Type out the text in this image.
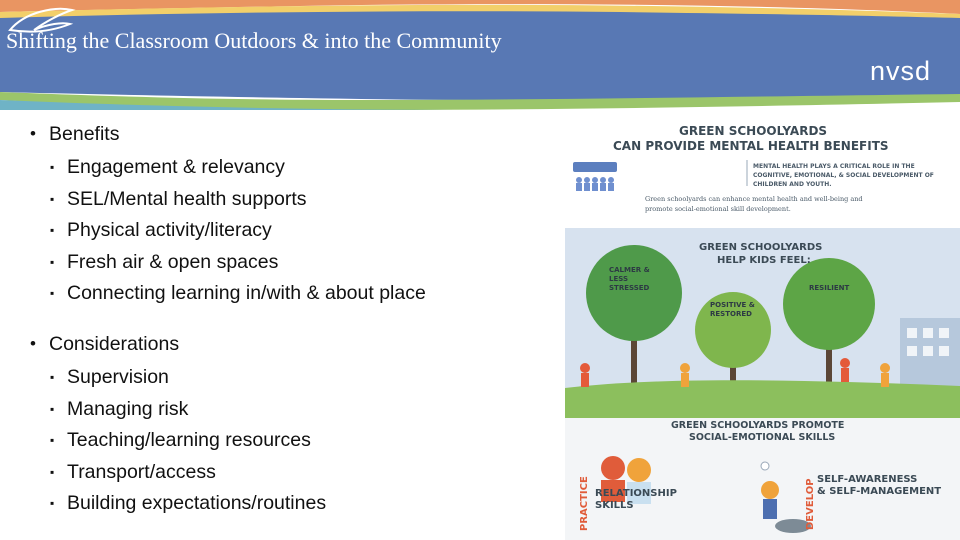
Shifting the Classroom Outdoors & into the Community
nvsd
• Benefits
▪ Engagement & relevancy
▪ SEL/Mental health supports
▪ Physical activity/literacy
▪ Fresh air & open spaces
▪ Connecting learning in/with & about place
• Considerations
▪ Supervision
▪ Managing risk
▪ Teaching/learning resources
▪ Transport/access
▪ Building expectations/routines	PRACTICE	DEVELOP
GREEN SCHOOLYARDS
CAN PROVIDE MENTAL HEALTH BENEFITS
MENTAL HEALTH PLAYS A CRITICAL ROLE IN THE COGNITIVE, EMOTIONAL, & SOCIAL DEVELOPMENT OF CHILDREN AND YOUTH.
Green schoolyards can enhance mental health and well-being and promote social-emotional skill development.
GREEN SCHOOLYARDS
HELP KIDS FEEL:
CALMER & LESS STRESSED
POSITIVE & RESTORED
RESILIENT
GREEN SCHOOLYARDS PROMOTE
SOCIAL-EMOTIONAL SKILLS
RELATIONSHIP
SKILLS
SELF-AWARENESS
& SELF-MANAGEMENT
